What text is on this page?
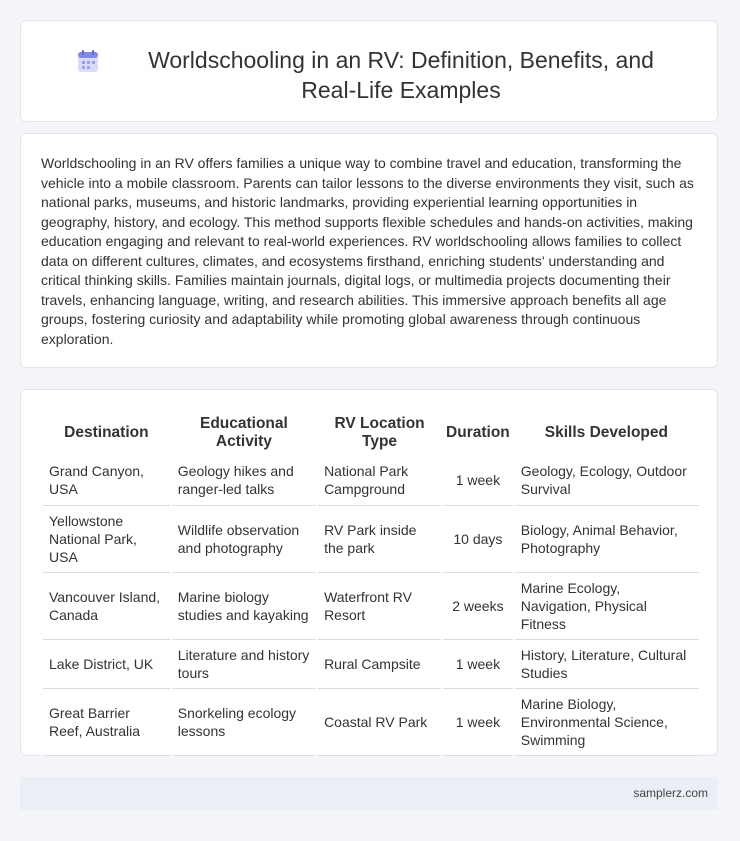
Worldschooling in an RV: Definition, Benefits, and Real-Life Examples

Worldschooling in an RV offers families a unique way to combine travel and education, transforming the vehicle into a mobile classroom. Parents can tailor lessons to the diverse environments they visit, such as national parks, museums, and historic landmarks, providing experiential learning opportunities in geography, history, and ecology. This method supports flexible schedules and hands-on activities, making education engaging and relevant to real-world experiences. RV worldschooling allows families to collect data on different cultures, climates, and ecosystems firsthand, enriching students' understanding and critical thinking skills. Families maintain journals, digital logs, or multimedia projects documenting their travels, enhancing language, writing, and research abilities. This immersive approach benefits all age groups, fostering curiosity and adaptability while promoting global awareness through continuous exploration.

Destination	Educational Activity	RV Location Type	Duration	Skills Developed
Grand Canyon, USA	Geology hikes and ranger-led talks	National Park Campground	1 week	Geology, Ecology, Outdoor Survival
Yellowstone National Park, USA	Wildlife observation and photography	RV Park inside the park	10 days	Biology, Animal Behavior, Photography
Vancouver Island, Canada	Marine biology studies and kayaking	Waterfront RV Resort	2 weeks	Marine Ecology, Navigation, Physical Fitness
Lake District, UK	Literature and history tours	Rural Campsite	1 week	History, Literature, Cultural Studies
Great Barrier Reef, Australia	Snorkeling ecology lessons	Coastal RV Park	1 week	Marine Biology, Environmental Science, Swimming
samplerz.com
